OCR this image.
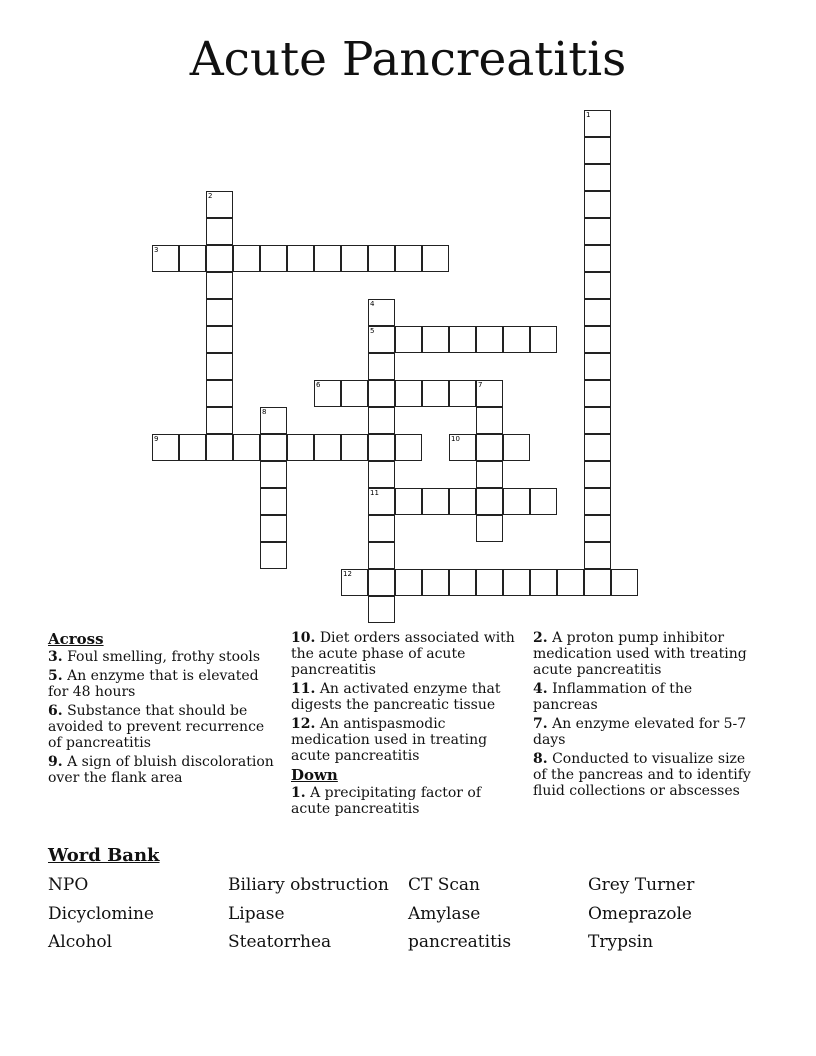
Acute Pancreatitis
1
2
3
4
5
11
6	7
8
9	10
12
Across
3. Foul smelling, frothy stools
5. An enzyme that is elevated for 48 hours
6. Substance that should be avoided to prevent recurrence of pancreatitis
9. A sign of bluish discoloration over the flank area
10. Diet orders associated with the acute phase of acute pancreatitis
11. An activated enzyme that digests the pancreatic tissue
12. An antispasmodic medication used in treating acute pancreatitis
Down
1. A precipitating factor of acute pancreatitis
2. A proton pump inhibitor medication used with treating acute pancreatitis
4. Inflammation of the pancreas
7. An enzyme elevated for 5-7 days
8. Conducted to visualize size of the pancreas and to identify fluid collections or abscesses
Word Bank
NPO	Biliary obstruction CT Scan	Grey Turner
Dicyclomine	Lipase	Amylase	Omeprazole
Alcohol	Steatorrhea	pancreatitis	Trypsin
